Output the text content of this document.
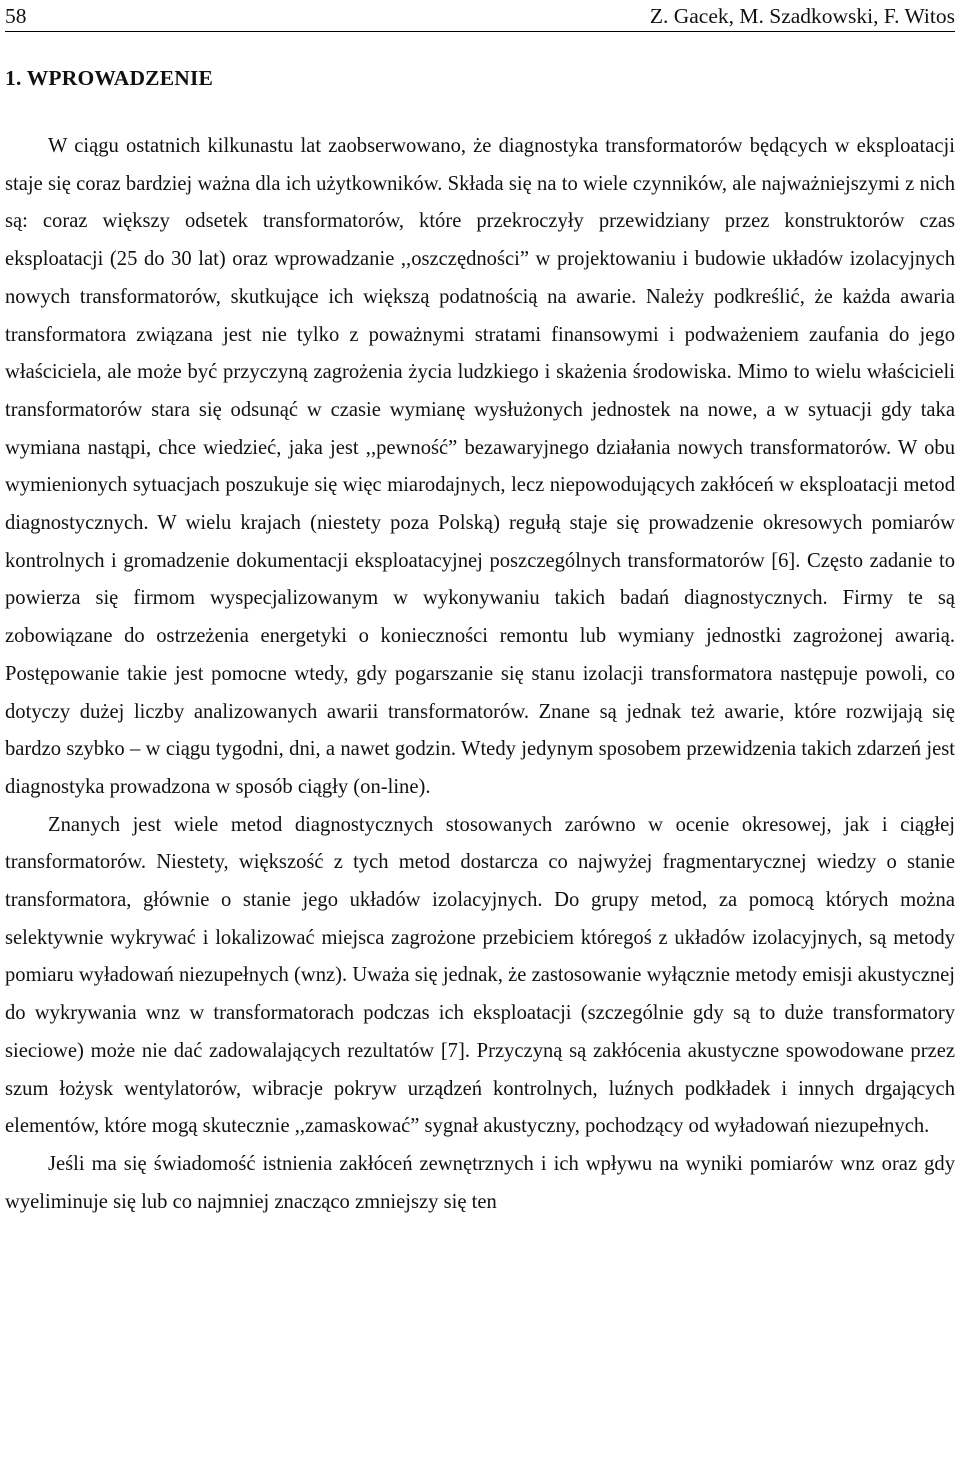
58	Z. Gacek, M. Szadkowski, F. Witos
1. WPROWADZENIE

W ciągu ostatnich kilkunastu lat zaobserwowano, że diagnostyka transformatorów będących w eksploatacji staje się coraz bardziej ważna dla ich użytkowników. Składa się na to wiele czynników, ale najważniejszymi z nich są: coraz większy odsetek transformatorów, które przekroczyły przewidziany przez konstruktorów czas eksploatacji (25 do 30 lat) oraz wprowadzanie ,,oszczędności” w projektowaniu i budowie układów izolacyjnych nowych transformatorów, skutkujące ich większą podatnością na awarie. Należy podkreślić, że każda awaria transformatora związana jest nie tylko z poważnymi stratami finansowymi i podważeniem zaufania do jego właściciela, ale może być przyczyną zagrożenia życia ludzkiego i skażenia środowiska. Mimo to wielu właścicieli transformatorów stara się odsunąć w czasie wymianę wysłużonych jednostek na nowe, a w sytuacji gdy taka wymiana nastąpi, chce wiedzieć, jaka jest ,,pewność” bezawaryjnego działania nowych transformatorów. W obu wymienionych sytuacjach poszukuje się więc miarodajnych, lecz niepowodujących zakłóceń w eksploatacji metod diagnostycznych. W wielu krajach (niestety poza Polską) regułą staje się prowadzenie okresowych pomiarów kontrolnych i gromadzenie dokumentacji eksploatacyjnej poszczególnych transformatorów [6]. Często zadanie to powierza się firmom wyspecjalizowanym w wykonywaniu takich badań diagnostycznych. Firmy te są zobowiązane do ostrzeżenia energetyki o konieczności remontu lub wymiany jednostki zagrożonej awarią. Postępowanie takie jest pomocne wtedy, gdy pogarszanie się stanu izolacji transformatora następuje powoli, co dotyczy dużej liczby analizowanych awarii transformatorów. Znane są jednak też awarie, które rozwijają się bardzo szybko – w ciągu tygodni, dni, a nawet godzin. Wtedy jedynym sposobem przewidzenia takich zdarzeń jest diagnostyka prowadzona w sposób ciągły (on-line).

Znanych jest wiele metod diagnostycznych stosowanych zarówno w ocenie okresowej, jak i ciągłej transformatorów. Niestety, większość z tych metod dostarcza co najwyżej fragmentarycznej wiedzy o stanie transformatora, głównie o stanie jego układów izolacyjnych. Do grupy metod, za pomocą których można selektywnie wykrywać i lokalizować miejsca zagrożone przebiciem któregoś z układów izolacyjnych, są metody pomiaru wyładowań niezupełnych (wnz). Uważa się jednak, że zastosowanie wyłącznie metody emisji akustycznej do wykrywania wnz w transformatorach podczas ich eksploatacji (szczególnie gdy są to duże transformatory sieciowe) może nie dać zadowalających rezultatów [7]. Przyczyną są zakłócenia akustyczne spowodowane przez szum łożysk wentylatorów, wibracje pokryw urządzeń kontrolnych, luźnych podkładek i innych drgających elementów, które mogą skutecznie ,,zamaskować” sygnał akustyczny, pochodzący od wyładowań niezupełnych.

Jeśli ma się świadomość istnienia zakłóceń zewnętrznych i ich wpływu na wyniki pomiarów wnz oraz gdy wyeliminuje się lub co najmniej znacząco zmniejszy się ten
